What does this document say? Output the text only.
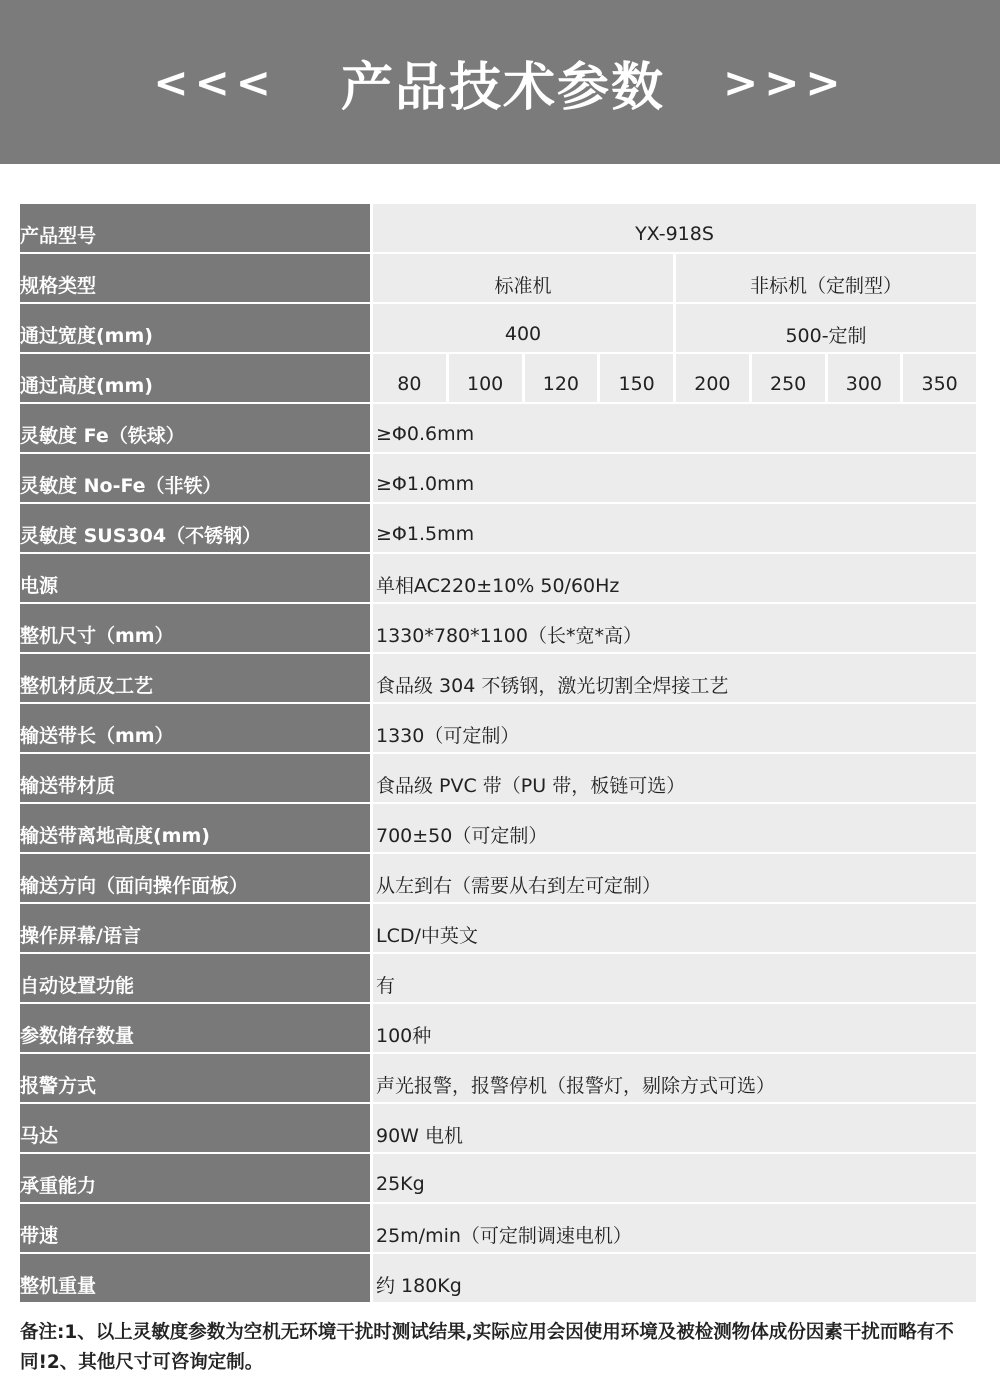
<<< 产品技术参数 >>>
产品型号	YX-918S
规格类型	标准机	非标机（定制型）
通过宽度(mm)	400	500-定制
通过高度(mm)	80	100	120	150	200	250	300	350
灵敏度 Fe（铁球）	≥Φ0.6mm
灵敏度 No-Fe（非铁）	≥Φ1.0mm
灵敏度 SUS304（不锈钢）	≥Φ1.5mm
电源	单相AC220±10% 50/60Hz
整机尺寸（mm）	1330*780*1100（长*宽*高）
整机材质及工艺	食品级 304 不锈钢，激光切割全焊接工艺
输送带长（mm）	1330（可定制）
输送带材质	食品级 PVC 带（PU 带，板链可选）
输送带离地高度(mm)	700±50（可定制）
输送方向（面向操作面板）	从左到右（需要从右到左可定制）
操作屏幕/语言	LCD/中英文
自动设置功能	有
参数储存数量	100种
报警方式	声光报警，报警停机（报警灯，剔除方式可选）
马达	90W 电机
承重能力	25Kg
带速	25m/min（可定制调速电机）
整机重量	约 180Kg
备注:1、以上灵敏度参数为空机无环境干扰时测试结果,实际应用会因使用环境及被检测物体成份因素干扰而略有不同!2、其他尺寸可咨询定制。
